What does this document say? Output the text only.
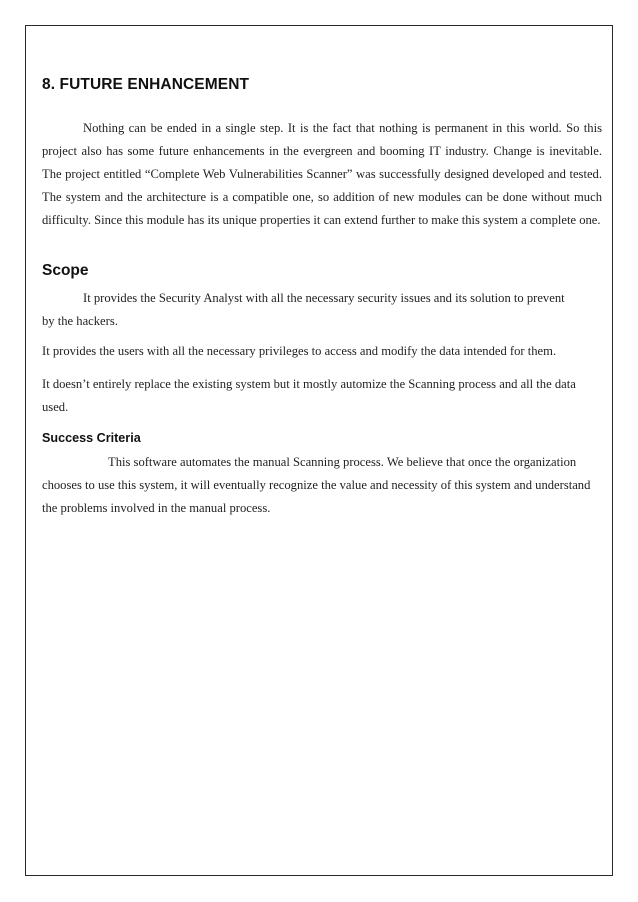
8. FUTURE ENHANCEMENT

Nothing can be ended in a single step. It is the fact that nothing is permanent in this world. So this project also has some future enhancements in the evergreen and booming IT industry. Change is inevitable. The project entitled “Complete Web Vulnerabilities Scanner” was successfully designed developed and tested. The system and the architecture is a compatible one, so addition of new modules can be done without much difficulty. Since this module has its unique properties it can extend further to make this system a complete one.

Scope

It provides the Security Analyst with all the necessary security issues and its solution to prevent by the hackers.

It provides the users with all the necessary privileges to access and modify the data intended for them.

It doesn’t entirely replace the existing system but it mostly automize the Scanning process and all the data used.

Success Criteria

This software automates the manual Scanning process. We believe that once the organization chooses to use this system, it will eventually recognize the value and necessity of this system and understand the problems involved in the manual process.
